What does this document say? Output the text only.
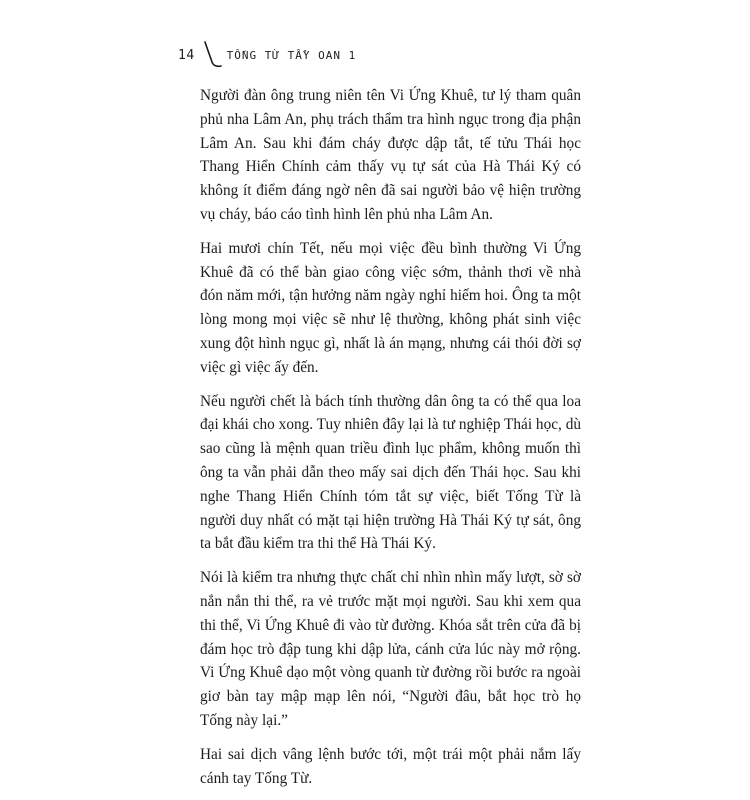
14	TỐNG TỪ TẨY OAN 1

Người đàn ông trung niên tên Vi Ứng Khuê, tư lý tham quân phủ nha Lâm An, phụ trách thẩm tra hình ngục trong địa phận Lâm An. Sau khi đám cháy được dập tắt, tế tửu Thái học Thang Hiển Chính cảm thấy vụ tự sát của Hà Thái Ký có không ít điểm đáng ngờ nên đã sai người bảo vệ hiện trường vụ cháy, báo cáo tình hình lên phủ nha Lâm An.

Hai mươi chín Tết, nếu mọi việc đều bình thường Vi Ứng Khuê đã có thể bàn giao công việc sớm, thảnh thơi về nhà đón năm mới, tận hưởng năm ngày nghỉ hiếm hoi. Ông ta một lòng mong mọi việc sẽ như lệ thường, không phát sinh việc xung đột hình ngục gì, nhất là án mạng, nhưng cái thói đời sợ việc gì việc ấy đến.

Nếu người chết là bách tính thường dân ông ta có thể qua loa đại khái cho xong. Tuy nhiên đây lại là tư nghiệp Thái học, dù sao cũng là mệnh quan triều đình lục phẩm, không muốn thì ông ta vẫn phải dẫn theo mấy sai dịch đến Thái học. Sau khi nghe Thang Hiển Chính tóm tắt sự việc, biết Tống Từ là người duy nhất có mặt tại hiện trường Hà Thái Ký tự sát, ông ta bắt đầu kiểm tra thi thể Hà Thái Ký.

Nói là kiểm tra nhưng thực chất chỉ nhìn nhìn mấy lượt, sờ sờ nắn nắn thi thể, ra vẻ trước mặt mọi người. Sau khi xem qua thi thể, Vi Ứng Khuê đi vào từ đường. Khóa sắt trên cửa đã bị đám học trò đập tung khi dập lửa, cánh cửa lúc này mở rộng. Vi Ứng Khuê dạo một vòng quanh từ đường rồi bước ra ngoài giơ bàn tay mập mạp lên nói, “Người đâu, bắt học trò họ Tống này lại.”

Hai sai dịch vâng lệnh bước tới, một trái một phải nắm lấy cánh tay Tống Từ.
